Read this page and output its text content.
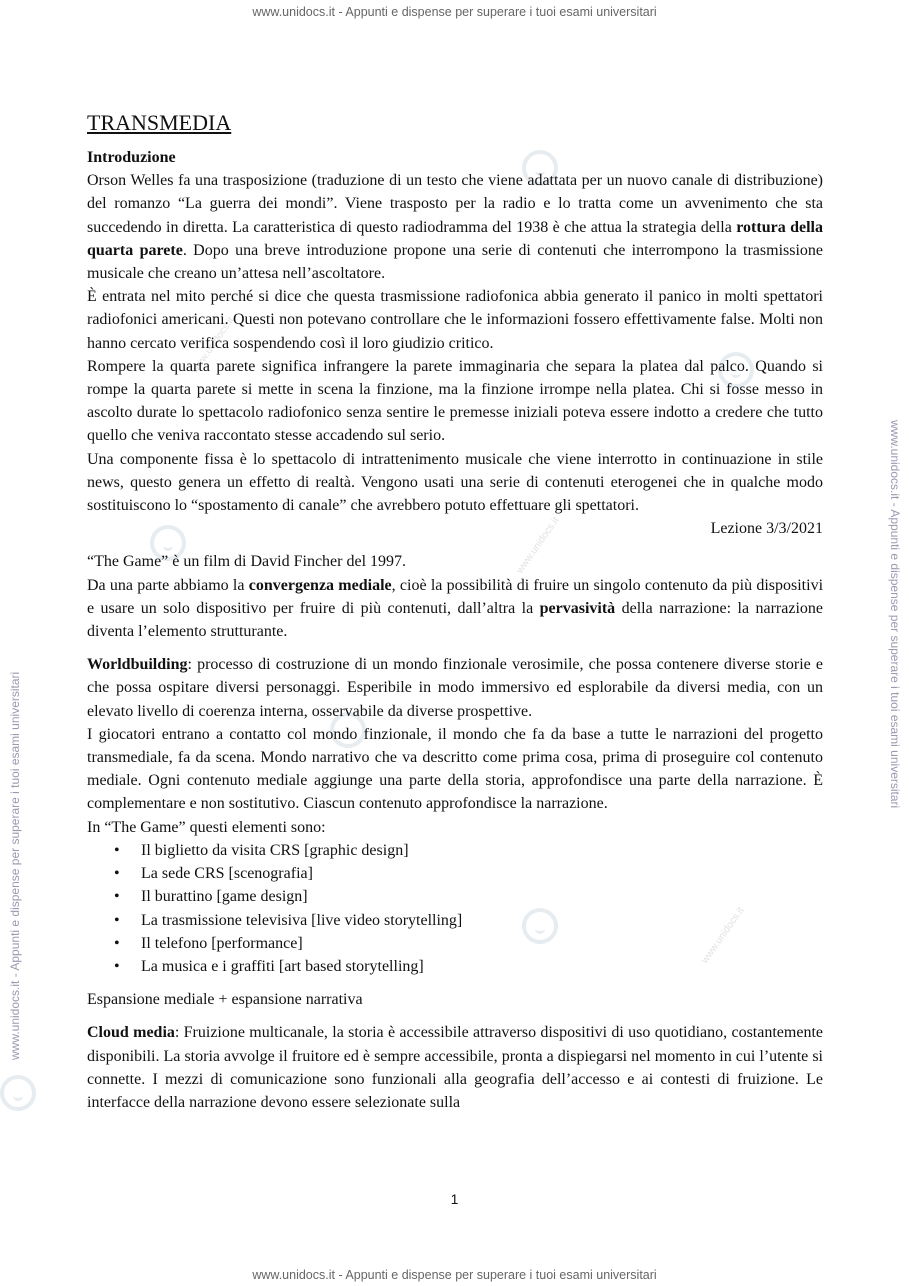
www.unidocs.it - Appunti e dispense per superare i tuoi esami universitari
www.unidocs.it - Appunti e dispense per superare i tuoi esami universitari
www.unidocs.it - Appunti e dispense per superare i tuoi esami universitari
www.unidocs.it - Appunti e dispense per superare i tuoi esami universitari
www.unidocs.it
www.unidocs.it
www.unidocs.it
TRANSMEDIA

Introduzione

Orson Welles fa una trasposizione (traduzione di un testo che viene adattata per un nuovo canale di distribuzione) del romanzo “La guerra dei mondi”. Viene trasposto per la radio e lo tratta come un avvenimento che sta succedendo in diretta. La caratteristica di questo radiodramma del 1938 è che attua la strategia della rottura della quarta parete. Dopo una breve introduzione propone una serie di contenuti che interrompono la trasmissione musicale che creano un’attesa nell’ascoltatore.

È entrata nel mito perché si dice che questa trasmissione radiofonica abbia generato il panico in molti spettatori radiofonici americani. Questi non potevano controllare che le informazioni fossero effettivamente false. Molti non hanno cercato verifica sospendendo così il loro giudizio critico.

Rompere la quarta parete significa infrangere la parete immaginaria che separa la platea dal palco. Quando si rompe la quarta parete si mette in scena la finzione, ma la finzione irrompe nella platea. Chi si fosse messo in ascolto durate lo spettacolo radiofonico senza sentire le premesse iniziali poteva essere indotto a credere che tutto quello che veniva raccontato stesse accadendo sul serio.

Una componente fissa è lo spettacolo di intrattenimento musicale che viene interrotto in continuazione in stile news, questo genera un effetto di realtà. Vengono usati una serie di contenuti eterogenei che in qualche modo sostituiscono lo “spostamento di canale” che avrebbero potuto effettuare gli spettatori.

Lezione 3/3/2021

“The Game” è un film di David Fincher del 1997.

Da una parte abbiamo la convergenza mediale, cioè la possibilità di fruire un singolo contenuto da più dispositivi e usare un solo dispositivo per fruire di più contenuti, dall’altra la pervasività della narrazione: la narrazione diventa l’elemento strutturante.

Worldbuilding: processo di costruzione di un mondo finzionale verosimile, che possa contenere diverse storie e che possa ospitare diversi personaggi. Esperibile in modo immersivo ed esplorabile da diversi media, con un elevato livello di coerenza interna, osservabile da diverse prospettive.

I giocatori entrano a contatto col mondo finzionale, il mondo che fa da base a tutte le narrazioni del progetto transmediale, fa da scena. Mondo narrativo che va descritto come prima cosa, prima di proseguire col contenuto mediale. Ogni contenuto mediale aggiunge una parte della storia, approfondisce una parte della narrazione. È complementare e non sostitutivo. Ciascun contenuto approfondisce la narrazione.

In “The Game” questi elementi sono:

• Il biglietto da visita CRS [graphic design]
• La sede CRS [scenografia]
• Il burattino [game design]
• La trasmissione televisiva [live video storytelling]
• Il telefono [performance]
• La musica e i graffiti [art based storytelling]

Espansione mediale + espansione narrativa

Cloud media: Fruizione multicanale, la storia è accessibile attraverso dispositivi di uso quotidiano, costantemente disponibili. La storia avvolge il fruitore ed è sempre accessibile, pronta a dispiegarsi nel momento in cui l’utente si connette. I mezzi di comunicazione sono funzionali alla geografia dell’accesso e ai contesti di fruizione. Le interfacce della narrazione devono essere selezionate sulla

1
